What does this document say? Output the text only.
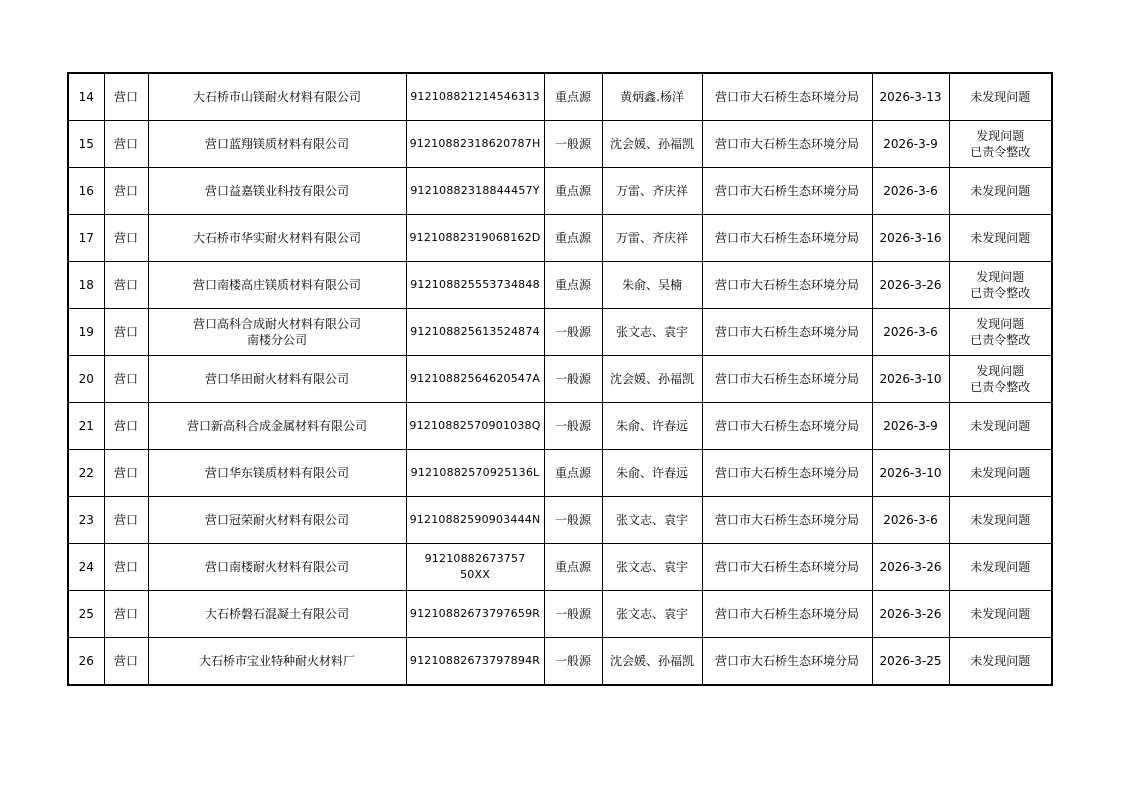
14	营口	大石桥市山镁耐火材料有限公司	912108821214546313	重点源	黄炳鑫.杨洋	营口市大石桥生态环境分局	2026-3-13	未发现问题
15	营口	营口蓝翔镁质材料有限公司	91210882318620787H	一般源	沈会媛、孙福凯	营口市大石桥生态环境分局	2026-3-9	发现问题
已责令整改
16	营口	营口益嘉镁业科技有限公司	91210882318844457Y	重点源	万雷、齐庆祥	营口市大石桥生态环境分局	2026-3-6	未发现问题
17	营口	大石桥市华实耐火材料有限公司	91210882319068162D	重点源	万雷、齐庆祥	营口市大石桥生态环境分局	2026-3-16	未发现问题
18	营口	营口南楼高庄镁质材料有限公司	912108825553734848	重点源	朱俞、吴楠	营口市大石桥生态环境分局	2026-3-26	发现问题
已责令整改
19	营口	营口高科合成耐火材料有限公司
南楼分公司	912108825613524874	一般源	张文志、袁宇	营口市大石桥生态环境分局	2026-3-6	发现问题
已责令整改
20	营口	营口华田耐火材料有限公司	91210882564620547A	一般源	沈会媛、孙福凯	营口市大石桥生态环境分局	2026-3-10	发现问题
已责令整改
21	营口	营口新高科合成金属材料有限公司	91210882570901038Q	一般源	朱俞、许春远	营口市大石桥生态环境分局	2026-3-9	未发现问题
22	营口	营口华东镁质材料有限公司	91210882570925136L	重点源	朱俞、许春远	营口市大石桥生态环境分局	2026-3-10	未发现问题
23	营口	营口冠荣耐火材料有限公司	91210882590903444N	一般源	张文志、袁宇	营口市大石桥生态环境分局	2026-3-6	未发现问题
24	营口	营口南楼耐火材料有限公司	91210882673757 50XX	重点源	张文志、袁宇	营口市大石桥生态环境分局	2026-3-26	未发现问题
25	营口	大石桥磐石混凝土有限公司	91210882673797659R	一般源	张文志、袁宇	营口市大石桥生态环境分局	2026-3-26	未发现问题
26	营口	大石桥市宝业特种耐火材料厂	91210882673797894R	一般源	沈会媛、孙福凯	营口市大石桥生态环境分局	2026-3-25	未发现问题
